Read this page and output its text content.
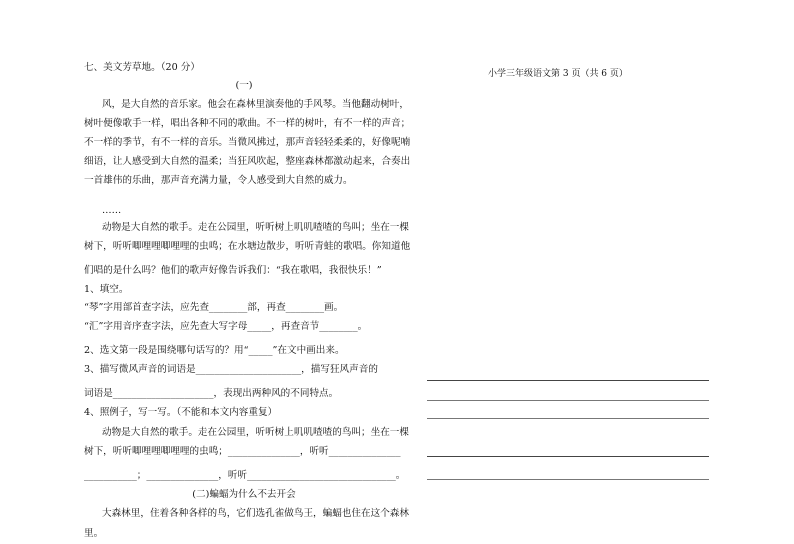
七、美文芳草地。（20 分）
(一)
风，是大自然的音乐家。他会在森林里演奏他的手风琴。当他翻动树叶，
树叶便像歌手一样，唱出各种不同的歌曲。不一样的树叶，有不一样的声音；
不一样的季节，有不一样的音乐。当微风拂过，那声音轻轻柔柔的，好像呢喃
细语，让人感受到大自然的温柔；当狂风吹起，整座森林都激动起来，合奏出
一首雄伟的乐曲，那声音充满力量，令人感受到大自然的威力。
……
动物是大自然的歌手。走在公园里，听听树上叽叽喳喳的鸟叫；坐在一棵
树下，听听唧哩哩唧哩哩的虫鸣；在水塘边散步，听听青蛙的歌唱。你知道他
们唱的是什么吗？他们的歌声好像告诉我们：“我在歌唱，我很快乐！”
1、填空。
“琴”字用部首查字法，应先查________部，再查________画。
“汇”字用音序查字法，应先查大写字母_____，再查音节________。
2、选文第一段是围绕哪句话写的？用“_____”在文中画出来。
3、描写微风声音的词语是______________________，描写狂风声音的
词语是_____________________，表现出两种风的不同特点。
4、照例子，写一写。（不能和本文内容重复）
动物是大自然的歌手。走在公园里，听听树上叽叽喳喳的鸟叫；坐在一棵
树下，听听唧哩哩唧哩哩的虫鸣；_______________，听听_______________
___________；_______________，听听_______________________________。
(二)蝙蝠为什么不去开会
大森林里，住着各种各样的鸟，它们选孔雀做鸟王，蝙蝠也住在这个森林
里。
小学三年级语文第 3 页（共 6 页）
